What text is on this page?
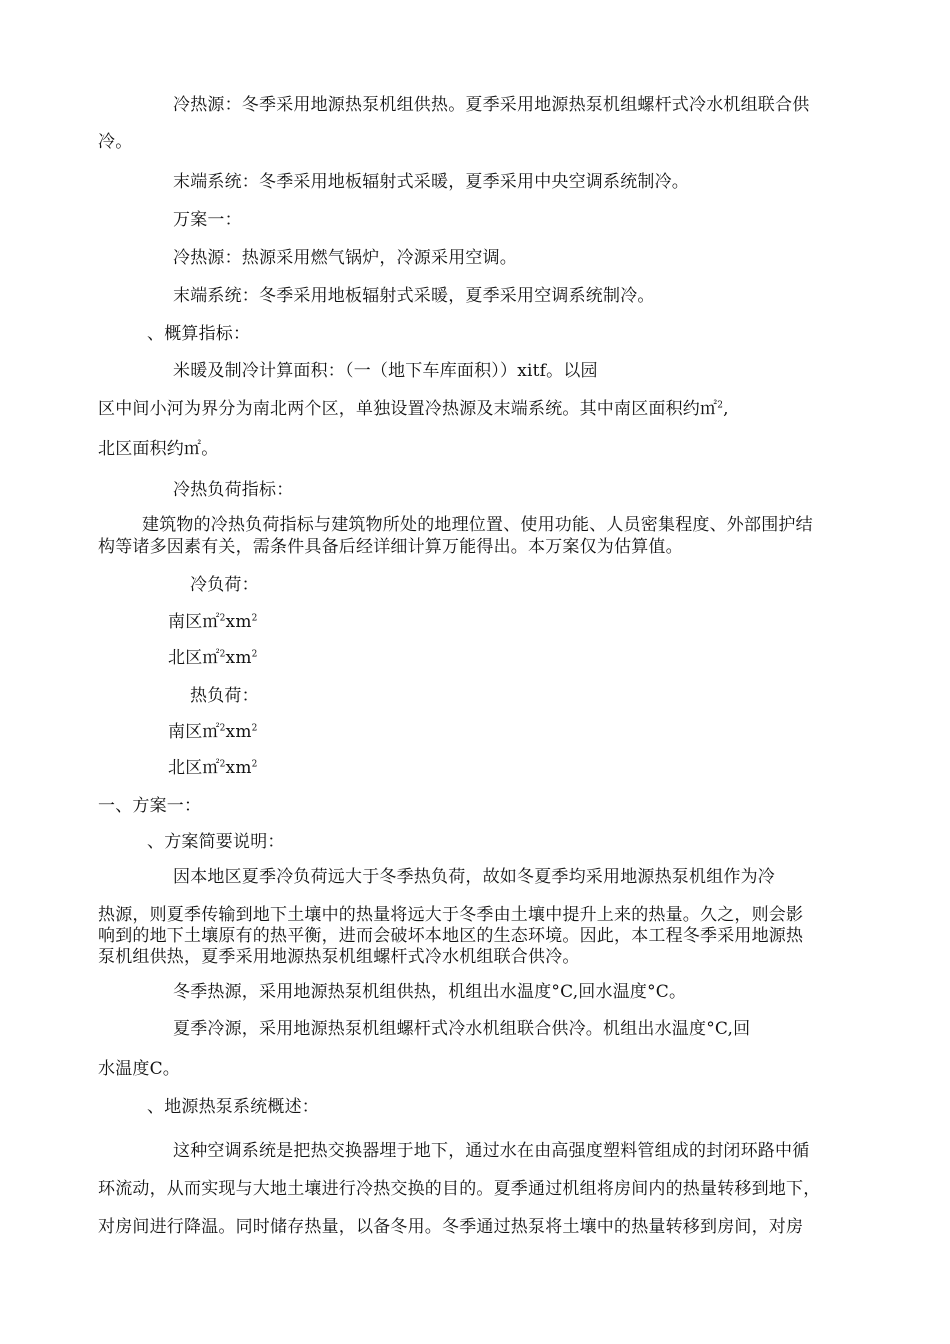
冷热源：冬季采用地源热泵机组供热。夏季采用地源热泵机组螺杆式冷水机组联合供
冷。
末端系统：冬季采用地板辐射式采暖，夏季采用中央空调系统制冷。
万案一：
冷热源：热源采用燃气锅炉，冷源采用空调。
末端系统：冬季采用地板辐射式采暖，夏季采用空调系统制冷。
、概算指标：
米暖及制冷计算面积：（一（地下车库面积））xitf。以园
区中间小河为界分为南北两个区，单独设置冷热源及末端系统。其中南区面积约㎡$^2$,
北区面积约㎡。
冷热负荷指标：
建筑物的冷热负荷指标与建筑物所处的地理位置、使用功能、人员密集程度、外部围护结
构等诸多因素有关，需条件具备后经详细计算万能得出。本万案仅为估算值。
冷负荷：
南区$㎡^2xm^2$
北区$㎡^2xm^2$
热负荷：
南区$㎡^2xm^2$
北区$㎡^2xm^2$
一、方案一：
、方案简要说明：
因本地区夏季冷负荷远大于冬季热负荷，故如冬夏季均采用地源热泵机组作为冷
热源，则夏季传输到地下土壤中的热量将远大于冬季由土壤中提升上来的热量。久之，则会影
响到的地下土壤原有的热平衡，进而会破坏本地区的生态环境。因此，本工程冬季采用地源热
泵机组供热，夏季采用地源热泵机组螺杆式冷水机组联合供冷。
冬季热源，采用地源热泵机组供热，机组出水温度°C,回水温度°C。
夏季冷源，采用地源热泵机组螺杆式冷水机组联合供冷。机组出水温度°C,回
水温度C。
、地源热泵系统概述：
这种空调系统是把热交换器埋于地下，通过水在由高强度塑料管组成的封闭环路中循
环流动，从而实现与大地土壤进行冷热交换的目的。夏季通过机组将房间内的热量转移到地下，
对房间进行降温。同时储存热量，以备冬用。冬季通过热泵将土壤中的热量转移到房间，对房
